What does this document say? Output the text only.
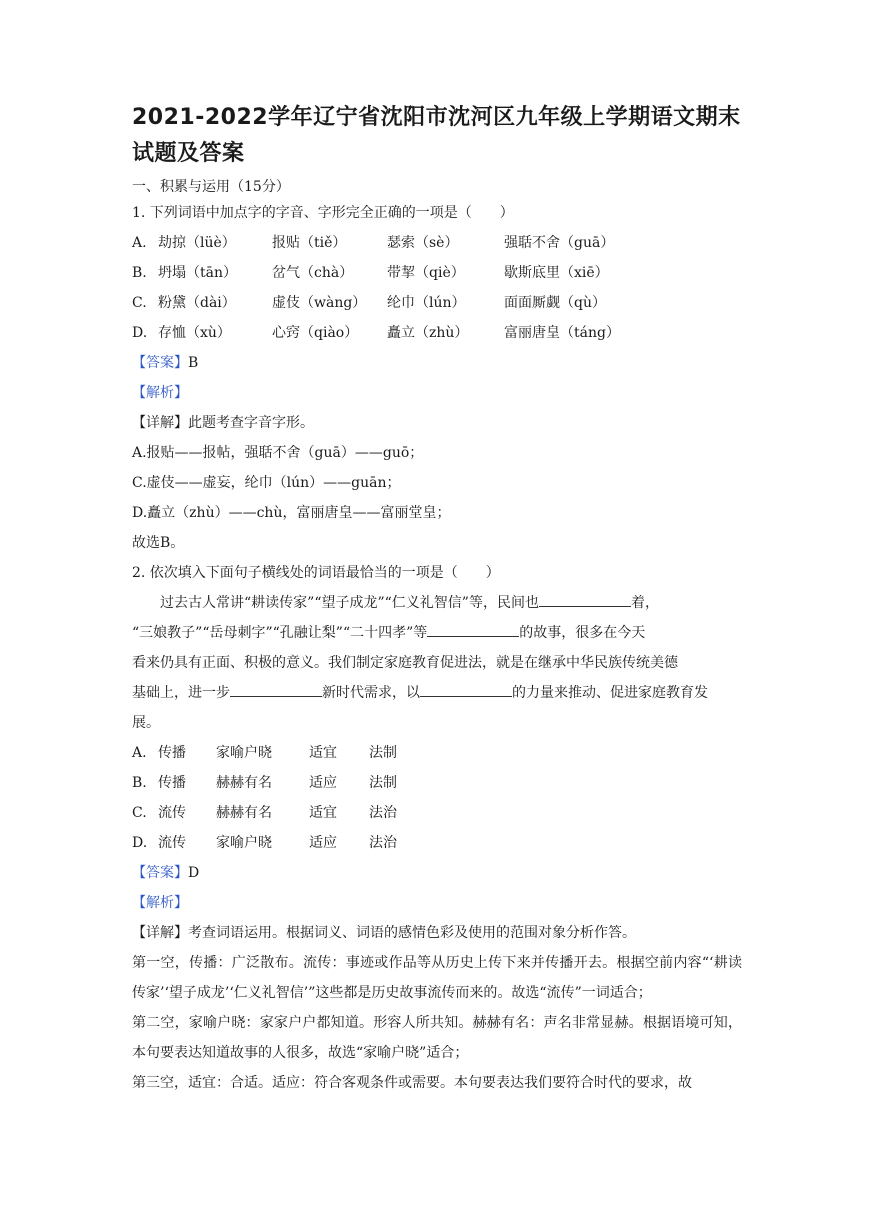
2021-2022学年辽宁省沈阳市沈河区九年级上学期语文期末试题及答案
一、积累与运用（15分）
1. 下列词语中加点字的字音、字形完全正确的一项是（　　）
A. 劫掠（lüè）	报贴（tiě）	瑟索（sè）	强聒不舍（guā）
B. 坍塌（tān）	岔气（chà）	带挈（qiè）	歇斯底里（xiē）
C. 粉黛（dài）	虚伎（wàng）	纶巾（lún）	面面厮觑（qù）
D. 存恤（xù）	心窍（qiào）	矗立（zhù）	富丽唐皇（táng）
【答案】B
【解析】
【详解】此题考查字音字形。
A.报贴——报帖，强聒不舍（guā）——guō；
C.虚伎——虚妄，纶巾（lún）——guān；
D.矗立（zhù）——chù，富丽唐皇——富丽堂皇；
故选B。
2. 依次填入下面句子横线处的词语最恰当的一项是（　　）
过去古人常讲“耕读传家”“望子成龙”“仁义礼智信”等，民间也	着，
“三娘教子”“岳母刺字”“孔融让梨”“二十四孝”等	的故事，很多在今天
看来仍具有正面、积极的意义。我们制定家庭教育促进法，就是在继承中华民族传统美德
基础上，进一步	新时代需求，以	的力量来推动、促进家庭教育发
展。
A. 传播	家喻户晓	适宜	法制
B. 传播	赫赫有名	适应	法制
C. 流传	赫赫有名	适宜	法治
D. 流传	家喻户晓	适应	法治
【答案】D
【解析】
【详解】考查词语运用。根据词义、词语的感情色彩及使用的范围对象分析作答。
第一空，传播：广泛散布。流传：事迹或作品等从历史上传下来并传播开去。根据空前内容“‘耕读传家’‘望子成龙’‘仁义礼智信’”这些都是历史故事流传而来的。故选“流传”一词适合；
第二空，家喻户晓：家家户户都知道。形容人所共知。赫赫有名：声名非常显赫。根据语境可知，本句要表达知道故事的人很多，故选“家喻户晓”适合；
第三空，适宜：合适。适应：符合客观条件或需要。本句要表达我们要符合时代的要求，故
